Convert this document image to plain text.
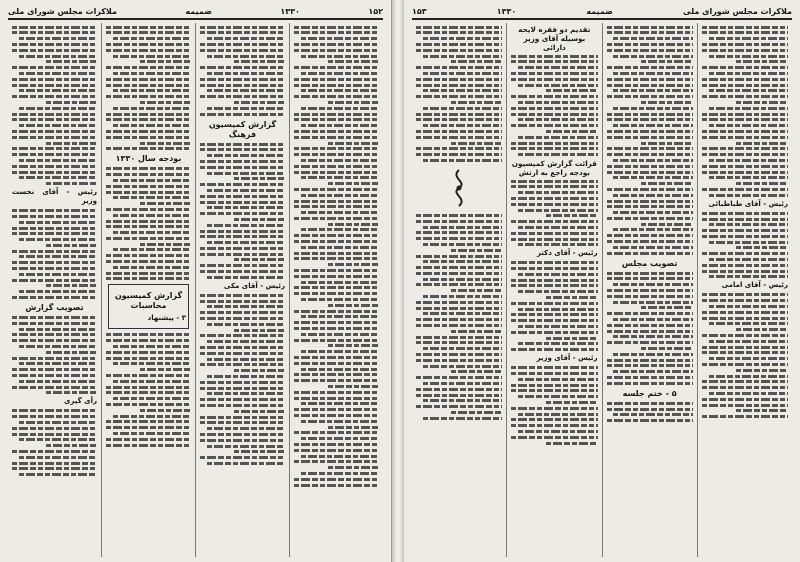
۱۵۲
۱۳۳۰
ضمیمه
ملاکرات مجلس شورای ملی
گزارش کمیسیون فرهنگ
رئیس - آقای مکی
بودجه سال ۱۳۳۰
گزارش کمیسیون محاسبات
۳ - پیشنهاد
رئیس - آقای نخست وزیر
تصویب گزارش
رأی گیری
ملاکرات مجلس شورای ملی
ضمیمه
۱۳۳۰
۱۵۳
رئیس - آقای طباطبائی
رئیس - آقای امامی
تصویب مجلس
۵ - ختم جلسه
تقدیم دو فقره لایحه
بوسیله آقای وزیر دارائی
قرائت گزارش کمیسیون
بودجه راجع به ارتش
رئیس - آقای دکتر
رئیس - آقای وزیر
